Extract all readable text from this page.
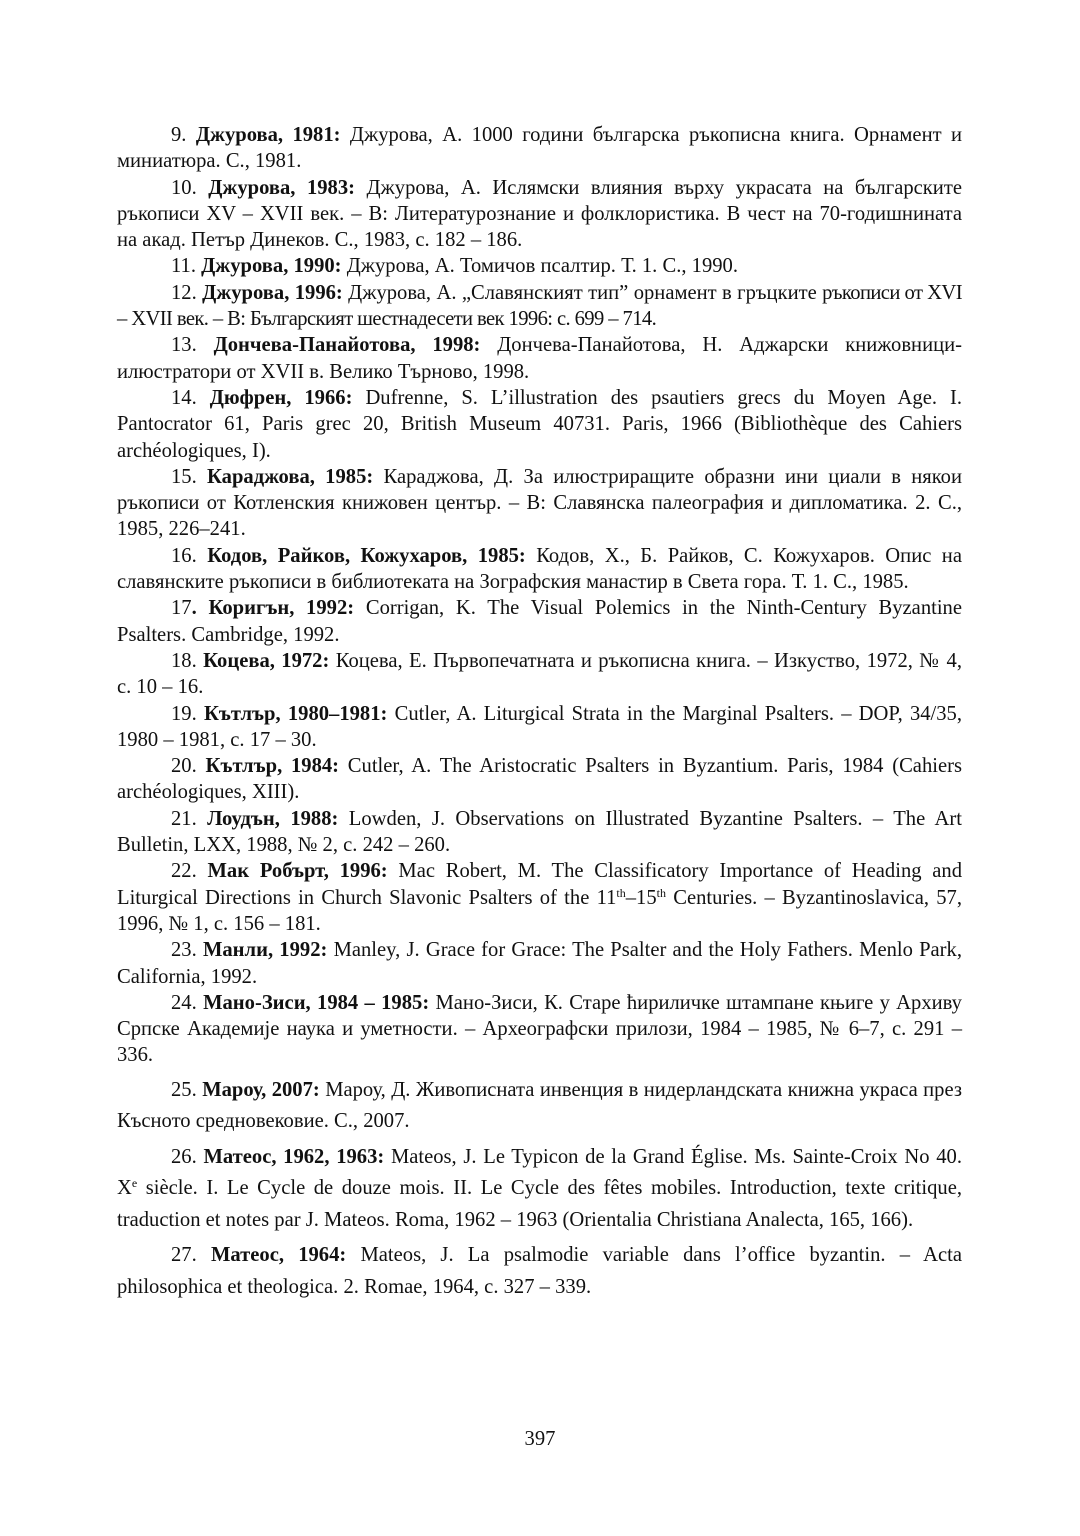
9. Джурова, 1981: Джурова, А. 1000 години българска ръкописна книга. Орнамент и миниатюра. С., 1981.

10. Джурова, 1983: Джурова, А. Ислямски влияния върху украсата на българските ръкописи XV – XVII век. – В: Литературознание и фолклористика. В чест на 70-годишнината на акад. Петър Динеков. С., 1983, с. 182 – 186.

11. Джурова, 1990: Джурова, А. Томичов псалтир. Т. 1. С., 1990.

12. Джурова, 1996: Джурова, А. „Славянският тип” орнамент в гръцките ръкописи от XVI – XVII век. – В: Българският шестнадесети век 1996: с. 699 – 714.

13. Дончева-Панайотова, 1998: Дончева-Панайотова, Н. Аджарски книжовници-илюстратори от XVII в. Велико Търново, 1998.

14. Дюфрен, 1966: Dufrenne, S. L’illustration des psautiers grecs du Moyen Age. I. Pantocrator 61, Paris grec 20, British Museum 40731. Paris, 1966 (Bibliothèque des Cahiers archéologiques, I).

15. Караджова, 1985: Караджова, Д. За илюстриращите образни ини циали в някои ръкописи от Котленския книжовен център. – В: Славянска палеография и дипломатика. 2. С., 1985, 226–241.

16. Кодов, Райков, Кожухаров, 1985: Кодов, Х., Б. Райков, С. Кожухаров. Опис на славянските ръкописи в библиотеката на Зографския манастир в Света гора. Т. 1. С., 1985.

17. Коригън, 1992: Corrigan, K. The Visual Polemics in the Ninth-Century Byzantine Psalters. Cambridge, 1992.

18. Коцева, 1972: Коцева, Е. Първопечатната и ръкописна книга. – Изкуство, 1972, № 4, с. 10 – 16.

19. Кътлър, 1980–1981: Cutler, A. Liturgical Strata in the Marginal Psalters. – DOP, 34/35, 1980 – 1981, с. 17 – 30.

20. Кътлър, 1984: Cutler, A. The Aristocratic Psalters in Byzantium. Paris, 1984 (Cahiers archéologiques, XIII).

21. Лоудън, 1988: Lowden, J. Observations on Illustrated Byzantine Psalters. – The Art Bulletin, LXX, 1988, № 2, с. 242 – 260.

22. Мак Робърт, 1996: Mac Robert, M. The Classificatory Importance of Heading and Liturgical Directions in Church Slavonic Psalters of the 11th–15th Centuries. – Byzantinoslavica, 57, 1996, № 1, с. 156 – 181.

23. Манли, 1992: Manley, J. Grace for Grace: The Psalter and the Holy Fathers. Menlo Park, California, 1992.

24. Мано-Зиси, 1984 – 1985: Мано-Зиси, К. Старе ћириличке штампане књиге у Архиву Српске Академије наука и уметности. – Археографски прилози, 1984 – 1985, № 6–7, с. 291 – 336.

25. Мароу, 2007: Мароу, Д. Живописната инвенция в нидерландската книжна украса през Късното средновековие. С., 2007.

26. Матеос, 1962, 1963: Mateos, J. Le Typicon de la Grand Église. Ms. Sainte-Croix No 40. Xe siècle. I. Le Cycle de douze mois. II. Le Cycle des fêtes mobiles. Introduction, texte critique, traduction et notes par J. Mateos. Roma, 1962 – 1963 (Orientalia Christiana Analecta, 165, 166).

27. Матеос, 1964: Mateos, J. La psalmodie variable dans l’office byzantin. – Acta philosophica et theologica. 2. Romae, 1964, с. 327 – 339.

397
